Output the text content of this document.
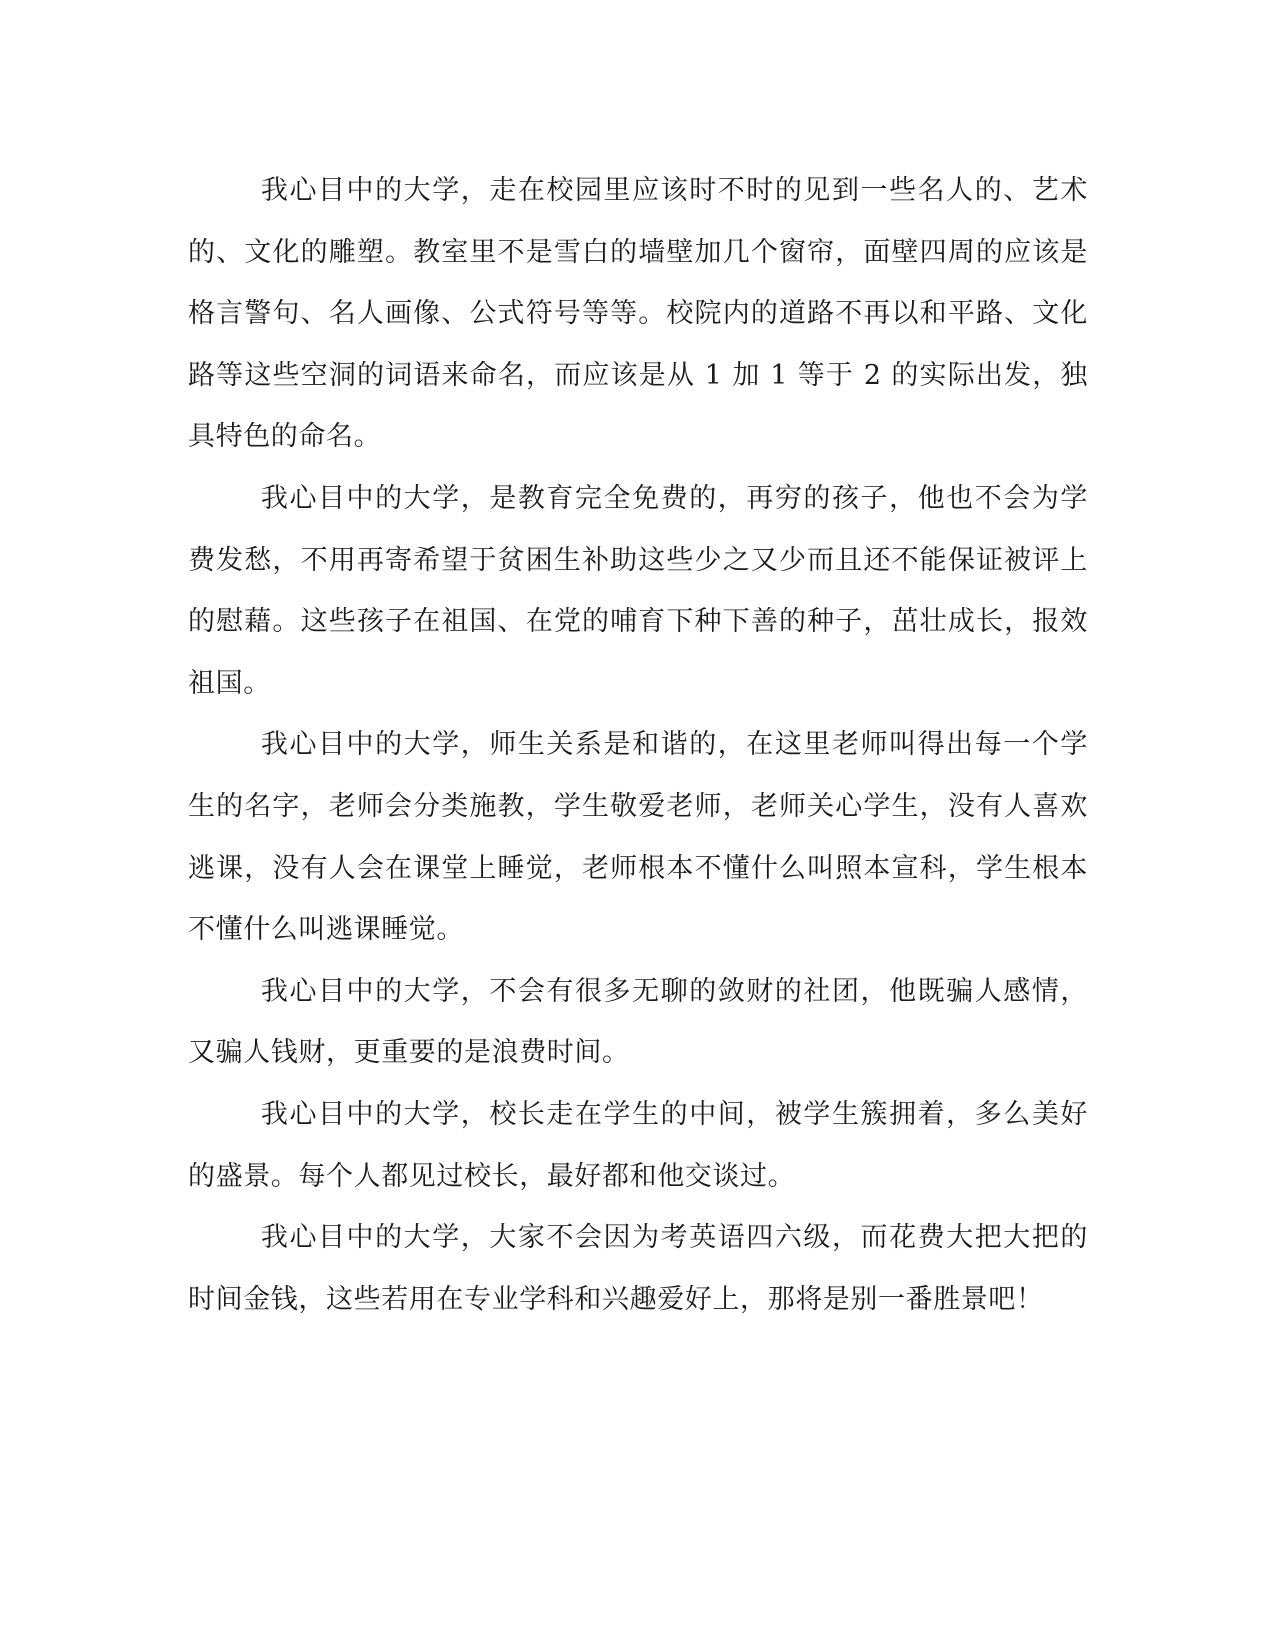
我心目中的大学，走在校园里应该时不时的见到一些名人的、艺术的、文化的雕塑。教室里不是雪白的墙壁加几个窗帘，面壁四周的应该是格言警句、名人画像、公式符号等等。校院内的道路不再以和平路、文化路等这些空洞的词语来命名，而应该是从 1 加 1 等于 2 的实际出发，独具特色的命名。

我心目中的大学，是教育完全免费的，再穷的孩子，他也不会为学费发愁，不用再寄希望于贫困生补助这些少之又少而且还不能保证被评上的慰藉。这些孩子在祖国、在党的哺育下种下善的种子，茁壮成长，报效祖国。

我心目中的大学，师生关系是和谐的，在这里老师叫得出每一个学生的名字，老师会分类施教，学生敬爱老师，老师关心学生，没有人喜欢逃课，没有人会在课堂上睡觉，老师根本不懂什么叫照本宣科，学生根本不懂什么叫逃课睡觉。

我心目中的大学，不会有很多无聊的敛财的社团，他既骗人感情，又骗人钱财，更重要的是浪费时间。

我心目中的大学，校长走在学生的中间，被学生簇拥着，多么美好的盛景。每个人都见过校长，最好都和他交谈过。

我心目中的大学，大家不会因为考英语四六级，而花费大把大把的时间金钱，这些若用在专业学科和兴趣爱好上，那将是别一番胜景吧！
